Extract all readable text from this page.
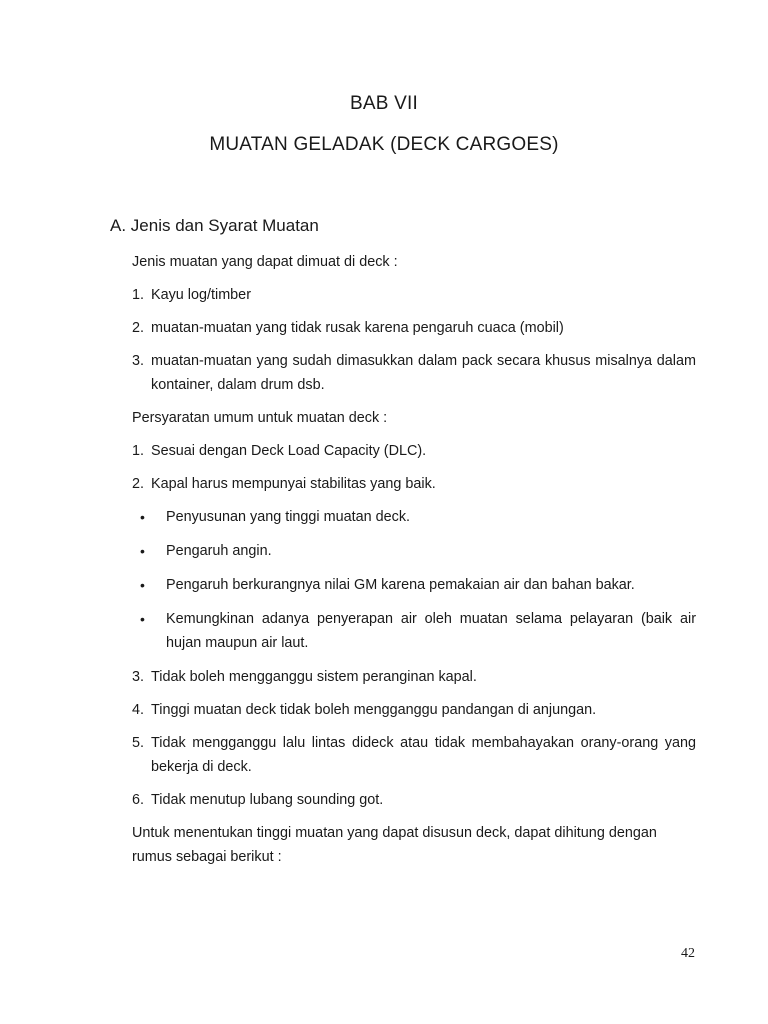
BAB VII
MUATAN GELADAK (DECK CARGOES)
A. Jenis dan Syarat Muatan

Jenis muatan yang dapat dimuat di deck :

1. Kayu log/timber
2. muatan-muatan yang tidak rusak karena pengaruh cuaca (mobil)
3. muatan-muatan yang sudah dimasukkan dalam pack secara khusus misalnya dalam kontainer, dalam drum dsb.

Persyaratan umum untuk muatan deck :

1. Sesuai dengan Deck Load Capacity (DLC).
2. Kapal harus mempunyai stabilitas yang baik.
•	Penyusunan yang tinggi muatan deck.
•	Pengaruh angin.
•	Pengaruh berkurangnya nilai GM karena pemakaian air dan bahan bakar.
•	Kemungkinan adanya penyerapan air oleh muatan selama pelayaran (baik air hujan maupun air laut.
3. Tidak boleh mengganggu sistem peranginan kapal.
4. Tinggi muatan deck tidak boleh mengganggu pandangan di anjungan.
5. Tidak mengganggu lalu lintas dideck atau tidak membahayakan orany-orang yang bekerja di deck.
6. Tidak menutup lubang sounding got.

Untuk menentukan tinggi muatan yang dapat disusun deck, dapat dihitung dengan rumus sebagai berikut :

42
